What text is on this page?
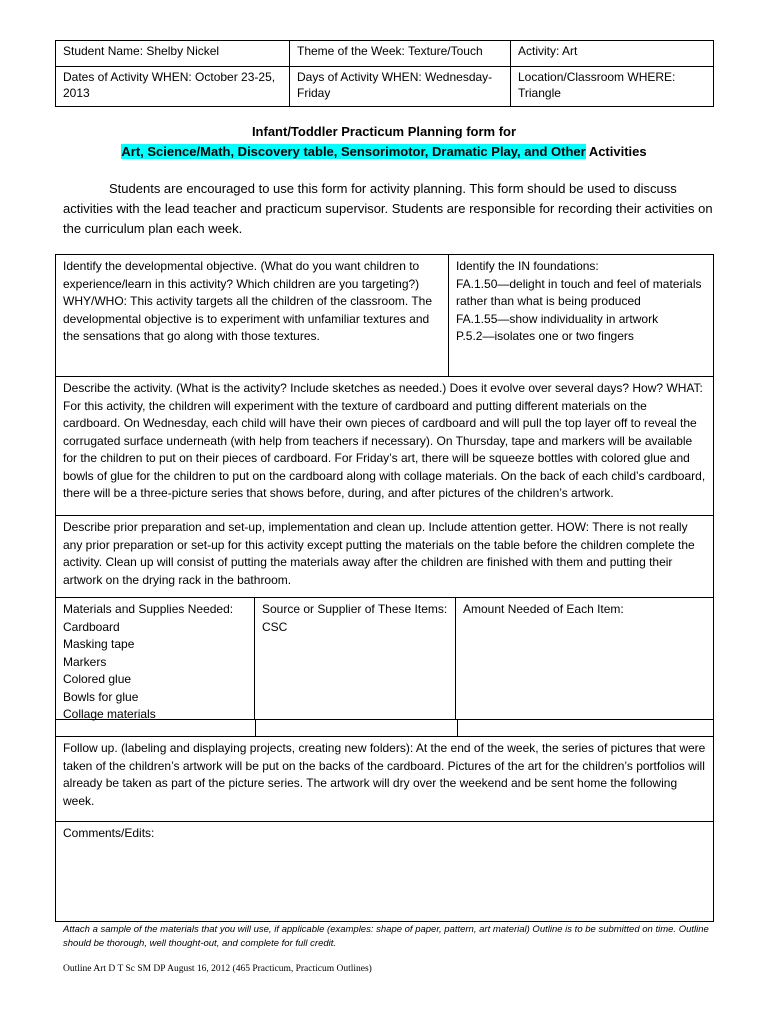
Student Name: Shelby Nickel	Theme of the Week: Texture/Touch	Activity: Art
Dates of Activity WHEN: October 23-25, 2013	Days of Activity WHEN: Wednesday-Friday	Location/Classroom WHERE: Triangle
Infant/Toddler Practicum Planning form for
Art, Science/Math, Discovery table, Sensorimotor, Dramatic Play, and Other Activities

Students are encouraged to use this form for activity planning. This form should be used to discuss activities with the lead teacher and practicum supervisor. Students are responsible for recording their activities on the curriculum plan each week.

Identify the developmental objective. (What do you want children to experience/learn in this activity? Which children are you targeting?) WHY/WHO: This activity targets all the children of the classroom. The developmental objective is to experiment with unfamiliar textures and the sensations that go along with those textures.
Identify the IN foundations:
FA.1.50—delight in touch and feel of materials rather than what is being produced
FA.1.55—show individuality in artwork
P.5.2—isolates one or two fingers
Describe the activity. (What is the activity? Include sketches as needed.) Does it evolve over several days? How? WHAT: For this activity, the children will experiment with the texture of cardboard and putting different materials on the cardboard. On Wednesday, each child will have their own pieces of cardboard and will pull the top layer off to reveal the corrugated surface underneath (with help from teachers if necessary). On Thursday, tape and markers will be available for the children to put on their pieces of cardboard. For Friday’s art, there will be squeeze bottles with colored glue and bowls of glue for the children to put on the cardboard along with collage materials. On the back of each child’s cardboard, there will be a three-picture series that shows before, during, and after pictures of the children’s artwork.
Describe prior preparation and set-up, implementation and clean up. Include attention getter. HOW: There is not really any prior preparation or set-up for this activity except putting the materials on the table before the children complete the activity. Clean up will consist of putting the materials away after the children are finished with them and putting their artwork on the drying rack in the bathroom.
Materials and Supplies Needed:
Cardboard
Masking tape
Markers
Colored glue
Bowls for glue
Collage materials
Source or Supplier of These Items: CSC
Amount Needed of Each Item:
Follow up. (labeling and displaying projects, creating new folders): At the end of the week, the series of pictures that were taken of the children’s artwork will be put on the backs of the cardboard. Pictures of the art for the children’s portfolios will already be taken as part of the picture series. The artwork will dry over the weekend and be sent home the following week.
Comments/Edits:
Attach a sample of the materials that you will use, if applicable (examples: shape of paper, pattern, art material) Outline is to be submitted on time. Outline should be thorough, well thought-out, and complete for full credit.
Outline Art D T Sc SM DP August 16, 2012 (465 Practicum, Practicum Outlines)
